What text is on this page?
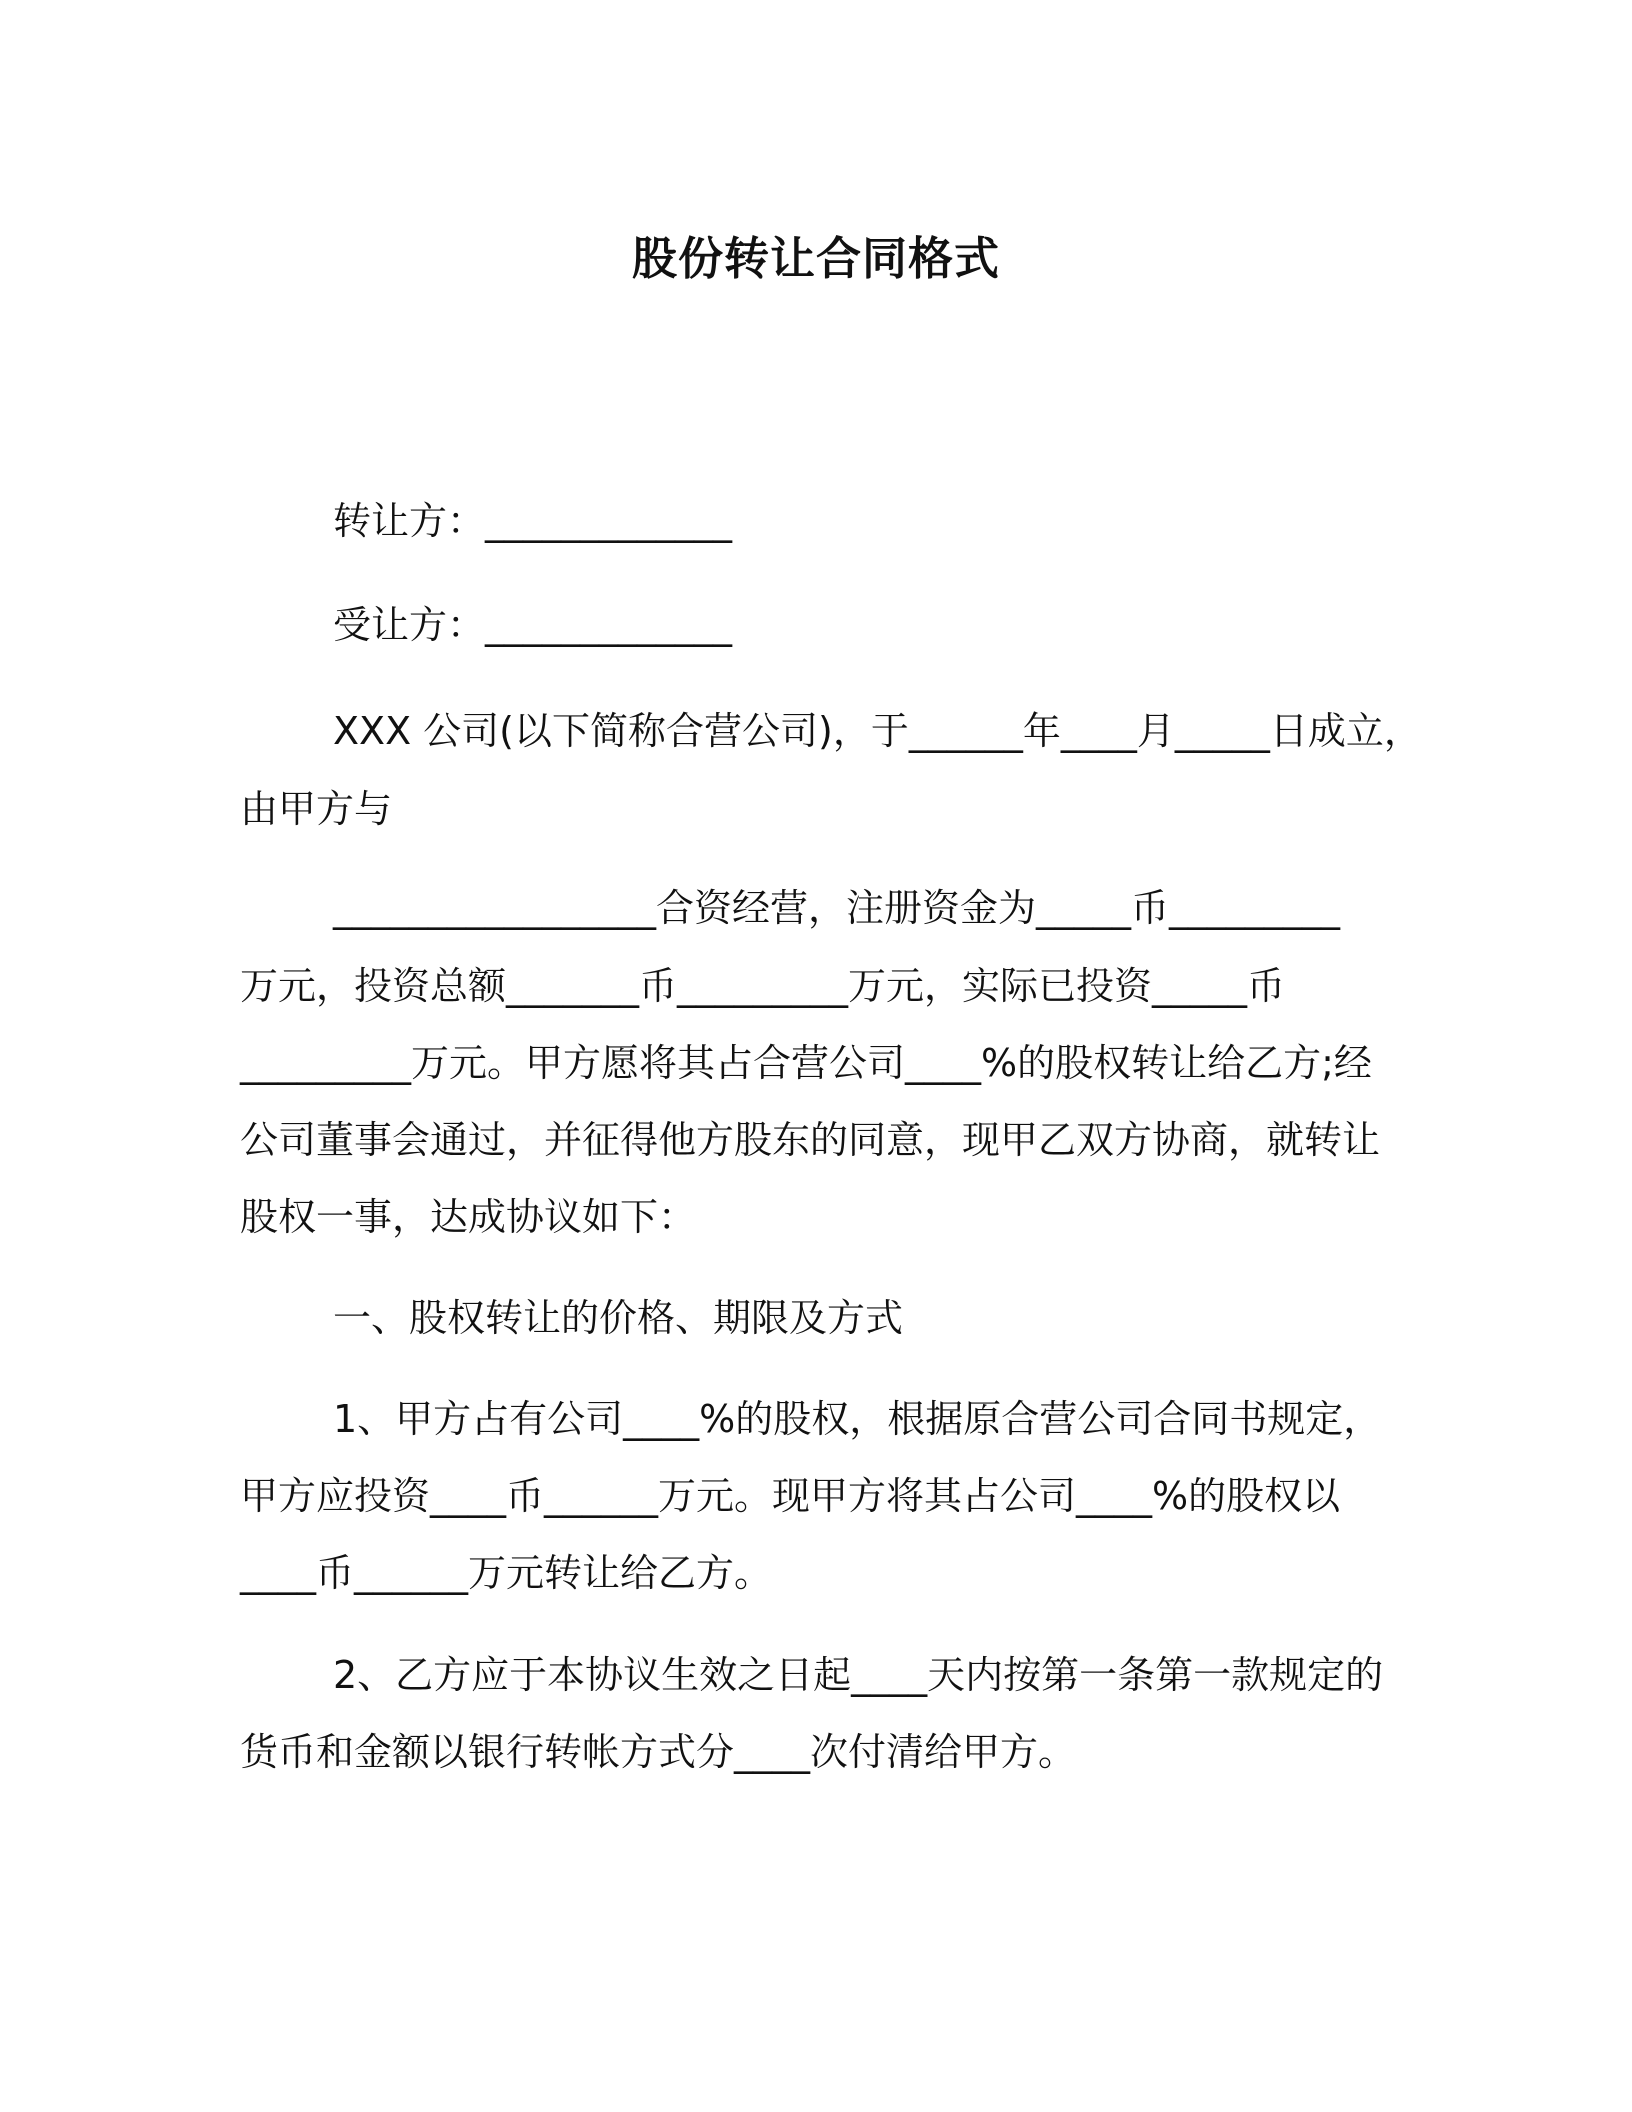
股份转让合同格式
转让方：_____________
受让方：_____________
XXX 公司(以下简称合营公司)，于______年____月_____日成立，
由甲方与
_________________合资经营，注册资金为_____币_________
万元，投资总额_______币_________万元，实际已投资_____币
_________万元。甲方愿将其占合营公司____%的股权转让给乙方;经
公司董事会通过，并征得他方股东的同意，现甲乙双方协商，就转让
股权一事，达成协议如下：
一、股权转让的价格、期限及方式
1、甲方占有公司____%的股权，根据原合营公司合同书规定，
甲方应投资____币______万元。现甲方将其占公司____%的股权以
____币______万元转让给乙方。
2、乙方应于本协议生效之日起____天内按第一条第一款规定的
货币和金额以银行转帐方式分____次付清给甲方。
